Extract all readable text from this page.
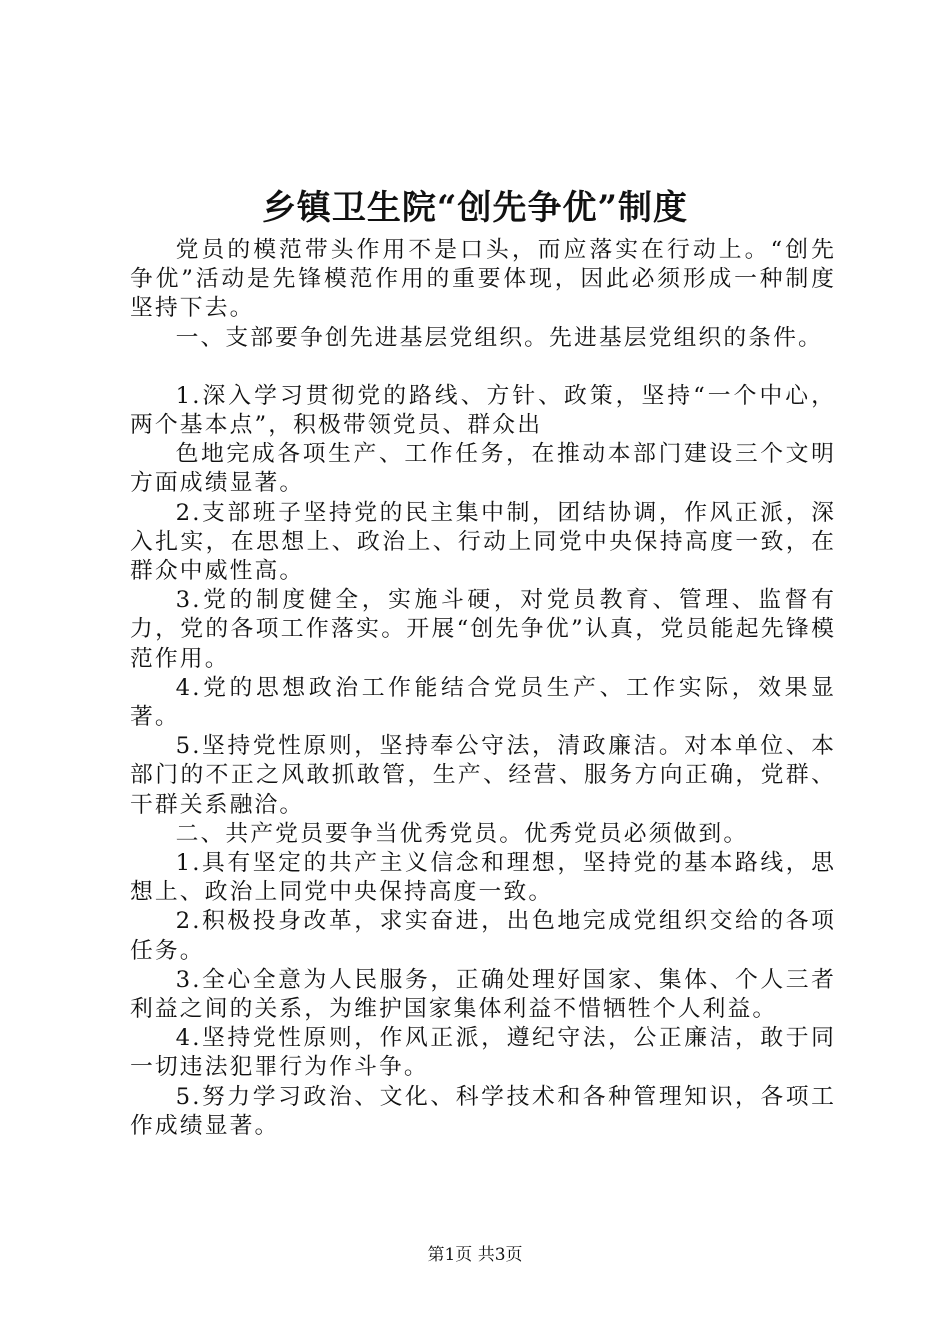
乡镇卫生院“创先争优”制度

党员的模范带头作用不是口头，而应落实在行动上。“创先争优”活动是先锋模范作用的重要体现，因此必须形成一种制度坚持下去。

一、支部要争创先进基层党组织。先进基层党组织的条件。

1.深入学习贯彻党的路线、方针、政策，坚持“一个中心，两个基本点”，积极带领党员、群众出

色地完成各项生产、工作任务，在推动本部门建设三个文明方面成绩显著。

2.支部班子坚持党的民主集中制，团结协调，作风正派，深入扎实，在思想上、政治上、行动上同党中央保持高度一致，在群众中威性高。

3.党的制度健全，实施斗硬，对党员教育、管理、监督有力，党的各项工作落实。开展“创先争优”认真，党员能起先锋模范作用。

4.党的思想政治工作能结合党员生产、工作实际，效果显著。

5.坚持党性原则，坚持奉公守法，清政廉洁。对本单位、本部门的不正之风敢抓敢管，生产、经营、服务方向正确，党群、干群关系融洽。

二、共产党员要争当优秀党员。优秀党员必须做到。

1.具有坚定的共产主义信念和理想，坚持党的基本路线，思想上、政治上同党中央保持高度一致。

2.积极投身改革，求实奋进，出色地完成党组织交给的各项任务。

3.全心全意为人民服务，正确处理好国家、集体、个人三者利益之间的关系，为维护国家集体利益不惜牺牲个人利益。

4.坚持党性原则，作风正派，遵纪守法，公正廉洁，敢于同一切违法犯罪行为作斗争。

5.努力学习政治、文化、科学技术和各种管理知识，各项工作成绩显著。

第1页 共3页
